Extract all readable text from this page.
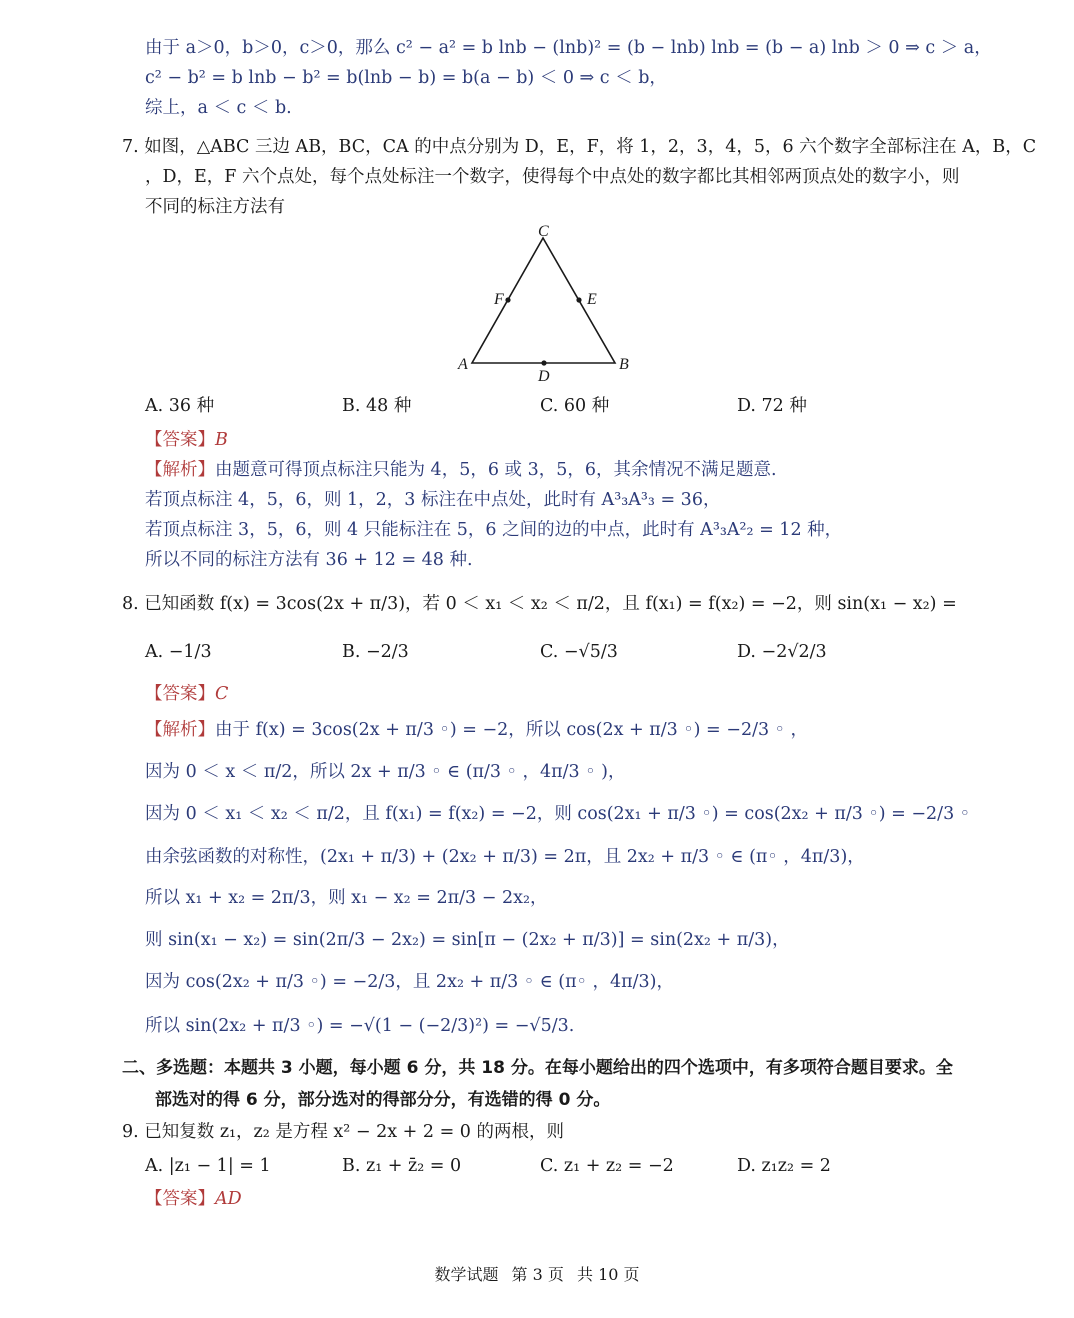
由于 a＞0，b＞0，c＞0，那么 c² − a² = b lnb − (lnb)² = (b − lnb) lnb = (b − a) lnb ＞ 0 ⇒ c ＞ a，
c² − b² = b lnb − b² = b(lnb − b) = b(a − b) ＜ 0 ⇒ c ＜ b，
综上，a ＜ c ＜ b.
7. 如图，△ABC 三边 AB，BC，CA 的中点分别为 D，E，F，将 1，2，3，4，5，6 六个数字全部标注在 A，B，C
，D，E，F 六个点处，每个点处标注一个数字，使得每个中点处的数字都比其相邻两顶点处的数字小，则
不同的标注方法有
C
A	B
D
E
F
A. 36 种	B. 48 种	C. 60 种	D. 72 种
【答案】B
【解析】由题意可得顶点标注只能为 4，5，6 或 3，5，6，其余情况不满足题意.
若顶点标注 4，5，6，则 1，2，3 标注在中点处，此时有 A³₃A³₃ = 36，
若顶点标注 3，5，6，则 4 只能标注在 5，6 之间的边的中点，此时有 A³₃A²₂ = 12 种，
所以不同的标注方法有 36 + 12 = 48 种.
8. 已知函数 f(x) = 3cos(2x + π/3)，若 0 ＜ x₁ ＜ x₂ ＜ π/2，且 f(x₁) = f(x₂) = −2，则 sin(x₁ − x₂) =
A. −1/3	B. −2/3	C. −√5/3	D. −2√2/3
【答案】C
【解析】由于 f(x) = 3cos(2x + π/3 ◦) = −2，所以 cos(2x + π/3 ◦) = −2/3 ◦ ，
因为 0 ＜ x ＜ π/2，所以 2x + π/3 ◦ ∈ (π/3 ◦ ，4π/3 ◦ )，
因为 0 ＜ x₁ ＜ x₂ ＜ π/2，且 f(x₁) = f(x₂) = −2，则 cos(2x₁ + π/3 ◦) = cos(2x₂ + π/3 ◦) = −2/3 ◦
由余弦函数的对称性，(2x₁ + π/3) + (2x₂ + π/3) = 2π，且 2x₂ + π/3 ◦ ∈ (π◦ ，4π/3)，
所以 x₁ + x₂ = 2π/3，则 x₁ − x₂ = 2π/3 − 2x₂，
则 sin(x₁ − x₂) = sin(2π/3 − 2x₂) = sin[π − (2x₂ + π/3)] = sin(2x₂ + π/3)，
因为 cos(2x₂ + π/3 ◦) = −2/3，且 2x₂ + π/3 ◦ ∈ (π◦ ，4π/3)，
所以 sin(2x₂ + π/3 ◦) = −√(1 − (−2/3)²) = −√5/3.
二、多选题：本题共 3 小题，每小题 6 分，共 18 分。在每小题给出的四个选项中，有多项符合题目要求。全
部选对的得 6 分，部分选对的得部分分，有选错的得 0 分。
9. 已知复数 z₁，z₂ 是方程 x² − 2x + 2 = 0 的两根，则
A. |z₁ − 1| = 1	B. z₁ + z̄₂ = 0	C. z₁ + z₂ = −2	D. z₁z₂ = 2
【答案】AD
数学试题 第 3 页 共 10 页
